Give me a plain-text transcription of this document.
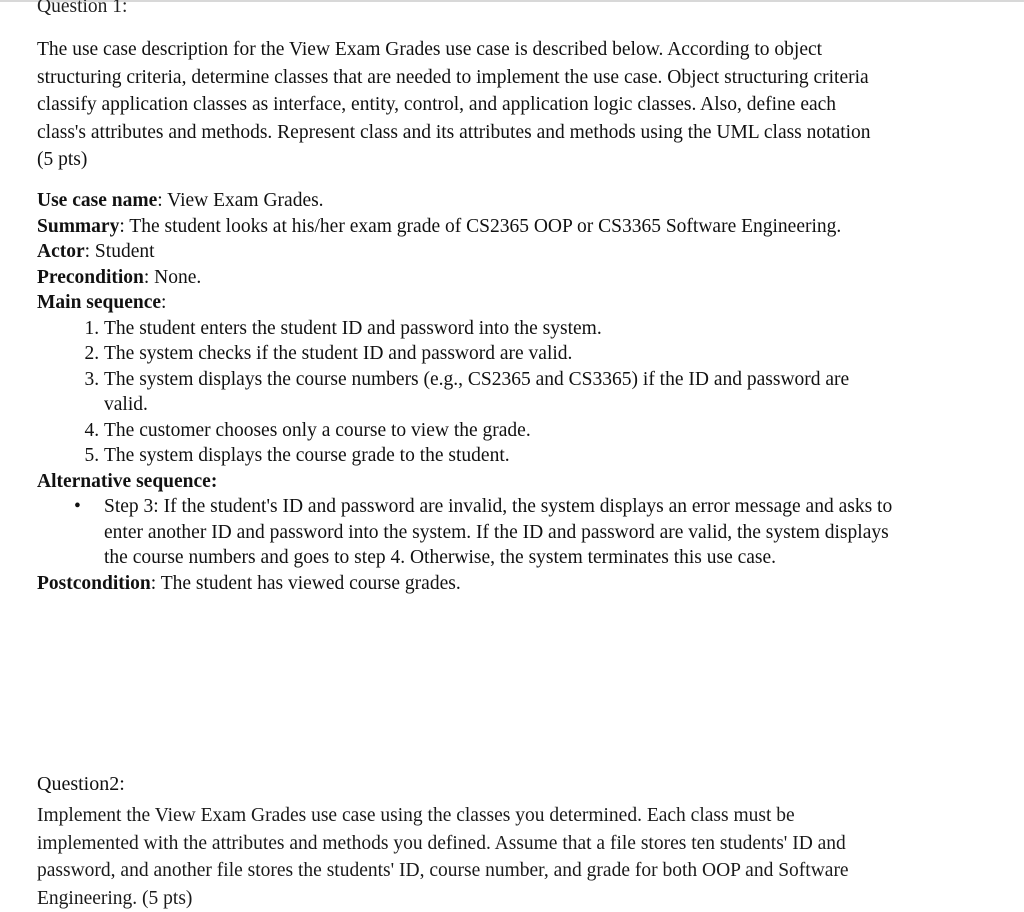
Question 1:

The use case description for the View Exam Grades use case is described below. According to object structuring criteria, determine classes that are needed to implement the use case. Object structuring criteria classify application classes as interface, entity, control, and application logic classes. Also, define each class's attributes and methods. Represent class and its attributes and methods using the UML class notation (5 pts)

Use case name: View Exam Grades.

Summary: The student looks at his/her exam grade of CS2365 OOP or CS3365 Software Engineering.

Actor: Student

Precondition: None.

Main sequence:

1. The student enters the student ID and password into the system.
2. The system checks if the student ID and password are valid.
3. The system displays the course numbers (e.g., CS2365 and CS3365) if the ID and password are valid.
4. The customer chooses only a course to view the grade.
5. The system displays the course grade to the student.

Alternative sequence:

• Step 3: If the student's ID and password are invalid, the system displays an error message and asks to enter another ID and password into the system. If the ID and password are valid, the system displays the course numbers and goes to step 4. Otherwise, the system terminates this use case.

Postcondition: The student has viewed course grades.

Question2:

Implement the View Exam Grades use case using the classes you determined. Each class must be implemented with the attributes and methods you defined. Assume that a file stores ten students' ID and password, and another file stores the students' ID, course number, and grade for both OOP and Software Engineering. (5 pts)
